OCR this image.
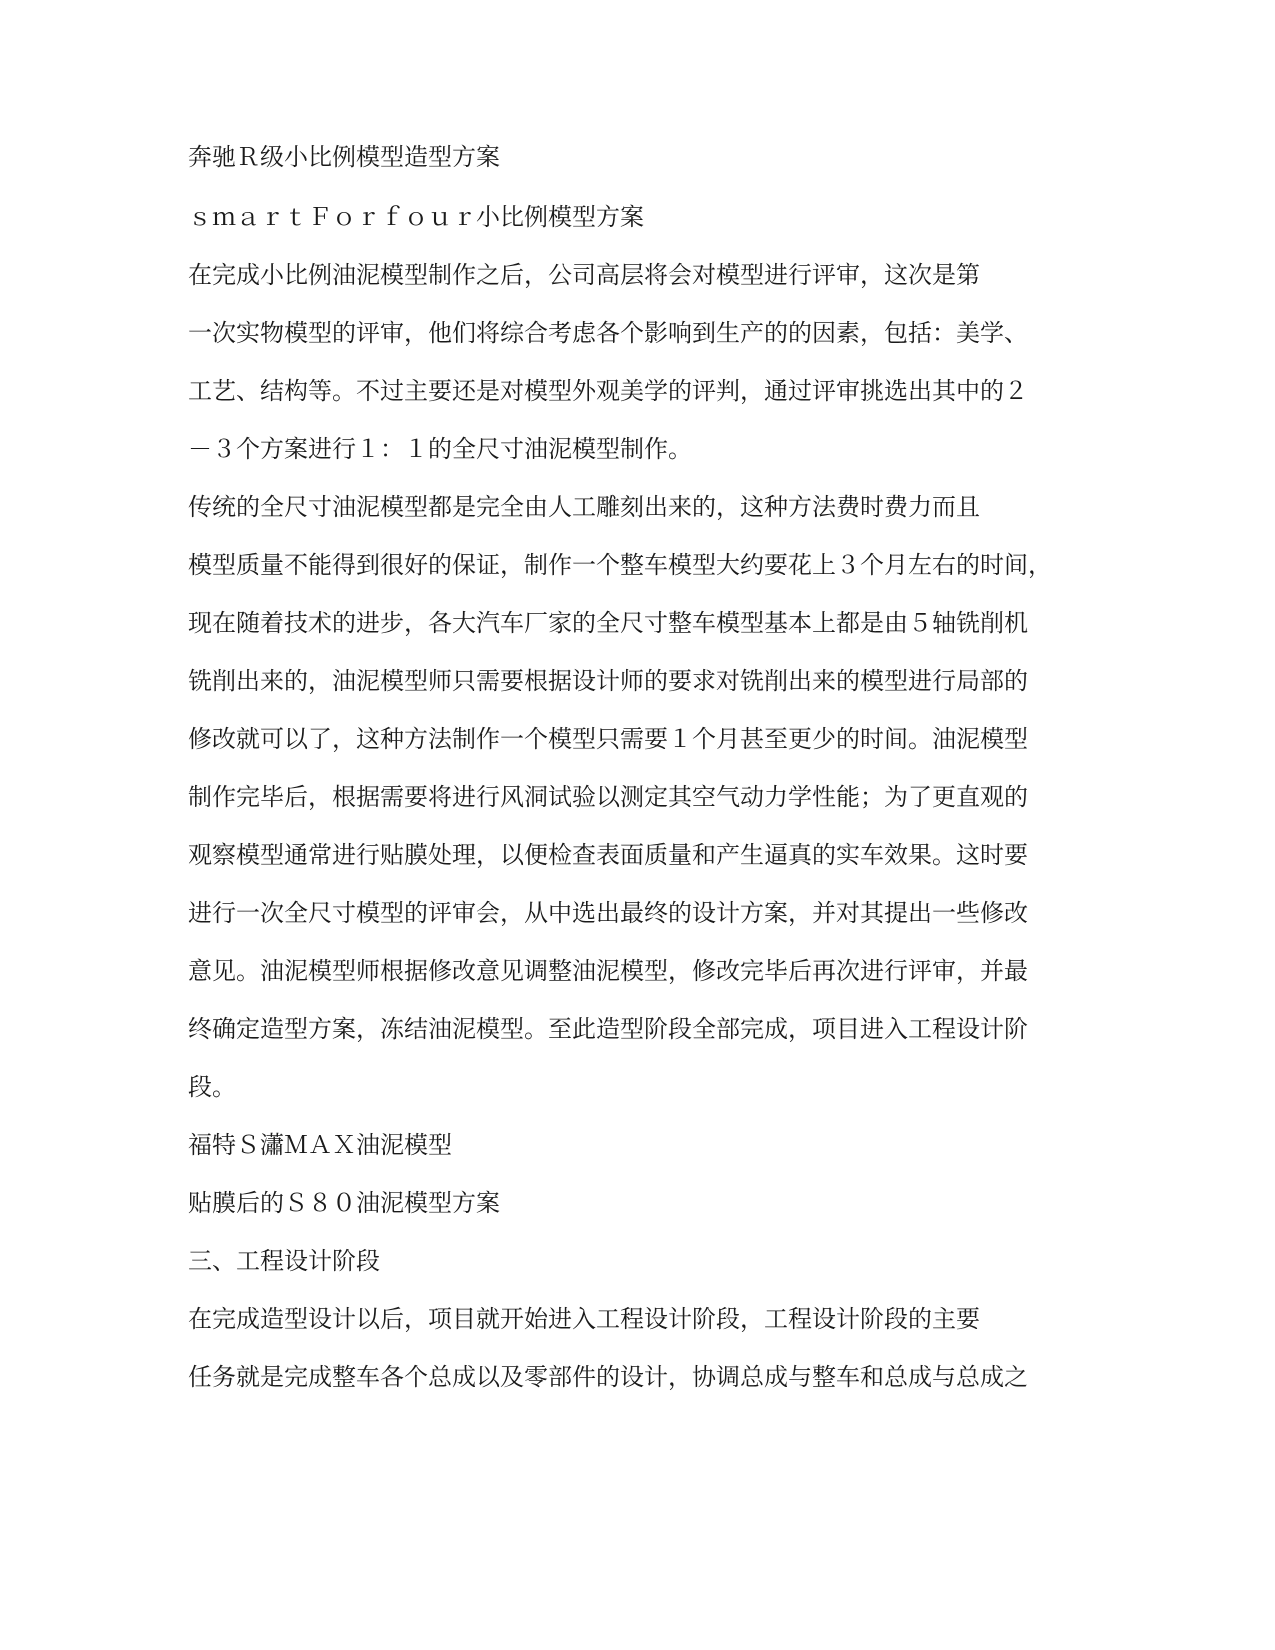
奔驰Ｒ级小比例模型造型方案
ｓｍａｒｔＦｏｒｆｏｕｒ小比例模型方案
在完成小比例油泥模型制作之后，公司高层将会对模型进行评审，这次是第
一次实物模型的评审，他们将综合考虑各个影响到生产的的因素，包括：美学、
工艺、结构等。不过主要还是对模型外观美学的评判，通过评审挑选出其中的２
－３个方案进行１：１的全尺寸油泥模型制作。
传统的全尺寸油泥模型都是完全由人工雕刻出来的，这种方法费时费力而且
模型质量不能得到很好的保证，制作一个整车模型大约要花上３个月左右的时间，
现在随着技术的进步，各大汽车厂家的全尺寸整车模型基本上都是由５轴铣削机
铣削出来的，油泥模型师只需要根据设计师的要求对铣削出来的模型进行局部的
修改就可以了，这种方法制作一个模型只需要１个月甚至更少的时间。油泥模型
制作完毕后，根据需要将进行风洞试验以测定其空气动力学性能；为了更直观的
观察模型通常进行贴膜处理，以便检查表面质量和产生逼真的实车效果。这时要
进行一次全尺寸模型的评审会，从中选出最终的设计方案，并对其提出一些修改
意见。油泥模型师根据修改意见调整油泥模型，修改完毕后再次进行评审，并最
终确定造型方案，冻结油泥模型。至此造型阶段全部完成，项目进入工程设计阶
段。
福特Ｓ瀟ＭＡＸ油泥模型
贴膜后的Ｓ８０油泥模型方案
三、工程设计阶段
在完成造型设计以后，项目就开始进入工程设计阶段，工程设计阶段的主要
任务就是完成整车各个总成以及零部件的设计，协调总成与整车和总成与总成之
